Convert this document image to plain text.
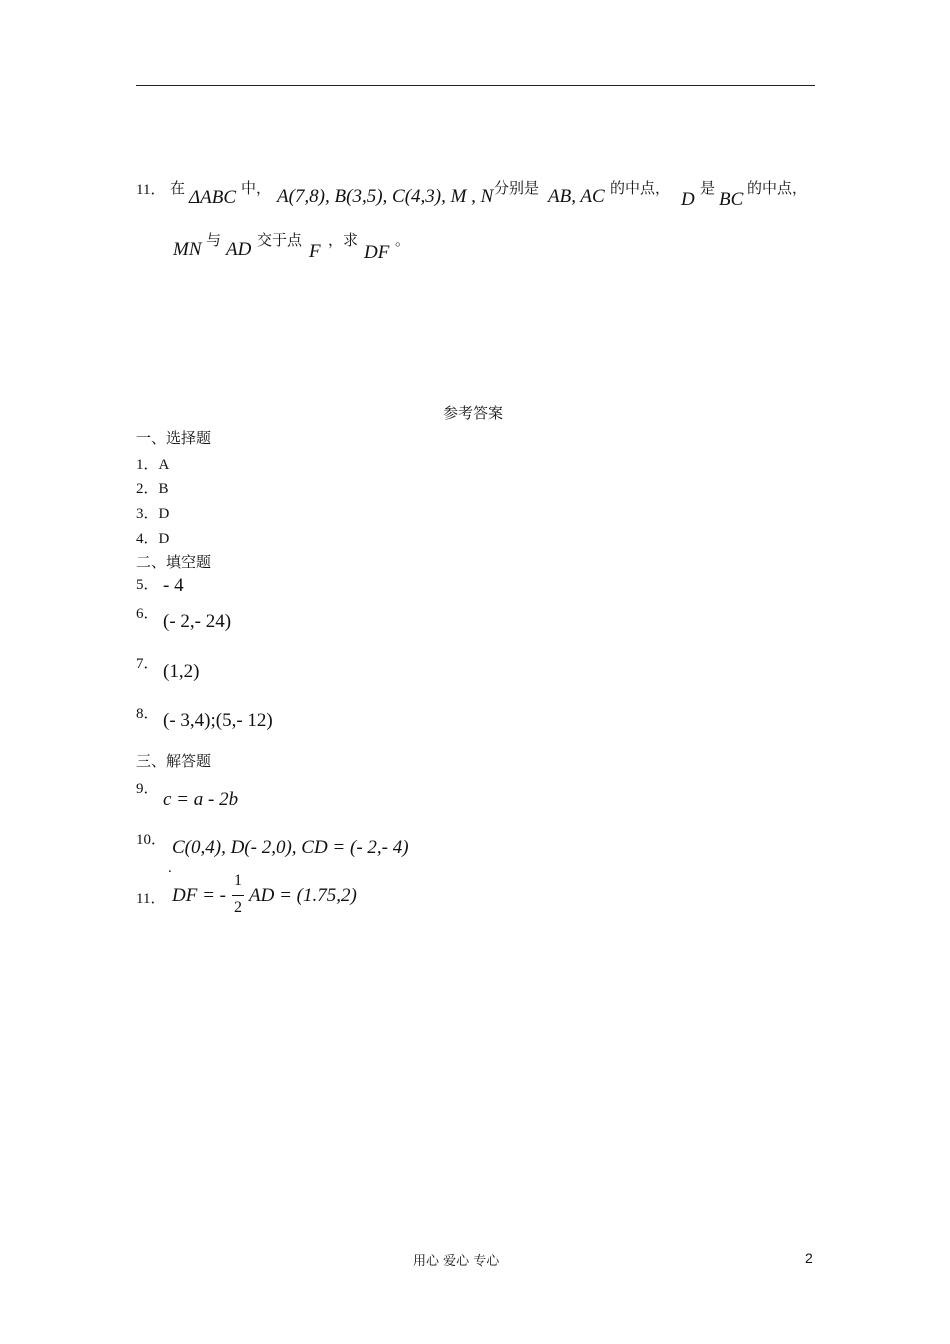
11． 在 ΔABC 中， A(7,8), B(3,5), C(4,3), M , N 分别是 AB, AC 的中点，
D
是
BC
的中点，
MN 与 AD 交于点
F
，求
DF
。
参考答案
一、选择题
1．A
2．B
3．D
4．D
二、填空题
5． - 4
6． (- 2,- 24)
7． (1,2)
8． (- 3,4);(5,- 12)
三、解答题
9． c = a - 2b
10． C(0,4), D(- 2,0), CD = (- 2,- 4)
.
11． DF = -
1
2
AD = (1.75,2)
用心 爱心 专心	2
